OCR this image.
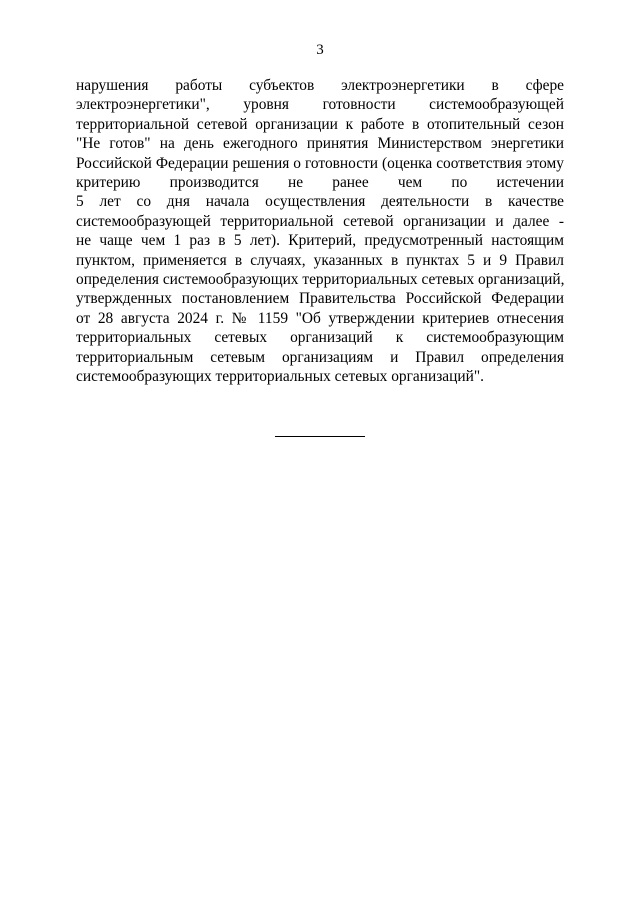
3

нарушения работы субъектов электроэнергетики в сфере
электроэнергетики", уровня готовности системообразующей
территориальной сетевой организации к работе в отопительный сезон
"Не готов" на день ежегодного принятия Министерством энергетики
Российской Федерации решения о готовности (оценка соответствия этому
критерию производится не ранее чем по истечении
5 лет со дня начала осуществления деятельности в качестве
системообразующей территориальной сетевой организации и далее -
не чаще чем 1 раз в 5 лет). Критерий, предусмотренный настоящим
пунктом, применяется в случаях, указанных в пунктах 5 и 9 Правил
определения системообразующих территориальных сетевых организаций,
утвержденных постановлением Правительства Российской Федерации
от 28 августа 2024 г. № 1159 "Об утверждении критериев отнесения
территориальных сетевых организаций к системообразующим
территориальным сетевым организациям и Правил определения
системообразующих территориальных сетевых организаций".
